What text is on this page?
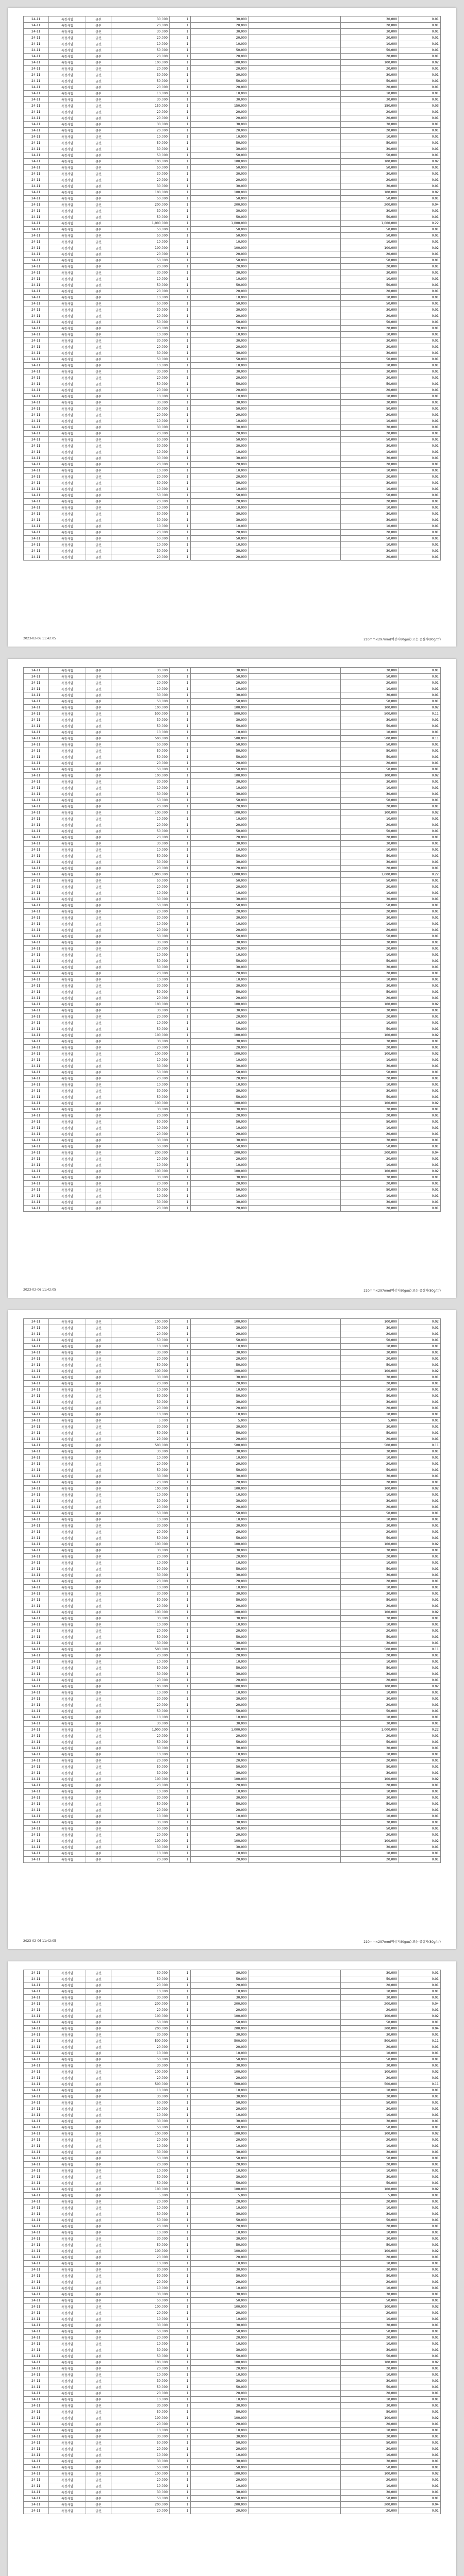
24-11	특정사업	금전	30,000	1	30,000		30,000	0.01
24-11	특정사업	금전	20,000	1	20,000		20,000	0.01
24-11	특정사업	금전	30,000	1	30,000		30,000	0.01
24-11	특정사업	금전	20,000	1	20,000		20,000	0.01
24-11	특정사업	금전	10,000	1	10,000		10,000	0.01
24-11	특정사업	금전	50,000	1	50,000		50,000	0.01
24-11	특정사업	금전	20,000	1	20,000		20,000	0.01
24-11	특정사업	금전	100,000	1	100,000		100,000	0.02
24-11	특정사업	금전	20,000	1	20,000		20,000	0.01
24-11	특정사업	금전	30,000	1	30,000		30,000	0.01
24-11	특정사업	금전	50,000	1	50,000		50,000	0.01
24-11	특정사업	금전	20,000	1	20,000		20,000	0.01
24-11	특정사업	금전	10,000	1	10,000		10,000	0.01
24-11	특정사업	금전	30,000	1	30,000		30,000	0.01
24-11	특정사업	금전	150,000	1	150,000		150,000	0.03
24-11	특정사업	금전	20,000	1	20,000		20,000	0.01
24-11	특정사업	금전	20,000	1	20,000		20,000	0.01
24-11	특정사업	금전	30,000	1	30,000		30,000	0.01
24-11	특정사업	금전	20,000	1	20,000		20,000	0.01
24-11	특정사업	금전	10,000	1	10,000		10,000	0.01
24-11	특정사업	금전	50,000	1	50,000		50,000	0.01
24-11	특정사업	금전	30,000	1	30,000		30,000	0.01
24-11	특정사업	금전	50,000	1	50,000		50,000	0.01
24-11	특정사업	금전	100,000	1	100,000		100,000	0.02
24-11	특정사업	금전	50,000	1	50,000		50,000	0.01
24-11	특정사업	금전	30,000	1	30,000		30,000	0.01
24-11	특정사업	금전	20,000	1	20,000		20,000	0.01
24-11	특정사업	금전	30,000	1	30,000		30,000	0.01
24-11	특정사업	금전	100,000	1	100,000		100,000	0.02
24-11	특정사업	금전	50,000	1	50,000		50,000	0.01
24-11	특정사업	금전	200,000	1	200,000		200,000	0.04
24-11	특정사업	금전	30,000	1	30,000		30,000	0.01
24-11	특정사업	금전	50,000	1	50,000		50,000	0.01
24-11	특정사업	금전	1,000,000	1	1,000,000		1,000,000	0.22
24-11	특정사업	금전	50,000	1	50,000		50,000	0.01
24-11	특정사업	금전	50,000	1	50,000		50,000	0.01
24-11	특정사업	금전	10,000	1	10,000		10,000	0.01
24-11	특정사업	금전	100,000	1	100,000		100,000	0.02
24-11	특정사업	금전	20,000	1	20,000		20,000	0.01
24-11	특정사업	금전	50,000	1	50,000		50,000	0.01
24-11	특정사업	금전	20,000	1	20,000		20,000	0.01
24-11	특정사업	금전	30,000	1	30,000		30,000	0.01
24-11	특정사업	금전	10,000	1	10,000		10,000	0.01
24-11	특정사업	금전	50,000	1	50,000		50,000	0.01
24-11	특정사업	금전	20,000	1	20,000		20,000	0.01
24-11	특정사업	금전	10,000	1	10,000		10,000	0.01
24-11	특정사업	금전	50,000	1	50,000		50,000	0.01
24-11	특정사업	금전	30,000	1	30,000		30,000	0.01
24-11	특정사업	금전	20,000	1	20,000		20,000	0.01
24-11	특정사업	금전	50,000	1	50,000		50,000	0.01
24-11	특정사업	금전	20,000	1	20,000		20,000	0.01
24-11	특정사업	금전	10,000	1	10,000		10,000	0.01
24-11	특정사업	금전	30,000	1	30,000		30,000	0.01
24-11	특정사업	금전	20,000	1	20,000		20,000	0.01
24-11	특정사업	금전	30,000	1	30,000		30,000	0.01
24-11	특정사업	금전	50,000	1	50,000		50,000	0.01
24-11	특정사업	금전	10,000	1	10,000		10,000	0.01
24-11	특정사업	금전	30,000	1	30,000		30,000	0.01
24-11	특정사업	금전	20,000	1	20,000		20,000	0.01
24-11	특정사업	금전	50,000	1	50,000		50,000	0.01
24-11	특정사업	금전	20,000	1	20,000		20,000	0.01
24-11	특정사업	금전	10,000	1	10,000		10,000	0.01
24-11	특정사업	금전	30,000	1	30,000		30,000	0.01
24-11	특정사업	금전	50,000	1	50,000		50,000	0.01
24-11	특정사업	금전	20,000	1	20,000		20,000	0.01
24-11	특정사업	금전	10,000	1	10,000		10,000	0.01
24-11	특정사업	금전	30,000	1	30,000		30,000	0.01
24-11	특정사업	금전	20,000	1	20,000		20,000	0.01
24-11	특정사업	금전	50,000	1	50,000		50,000	0.01
24-11	특정사업	금전	30,000	1	30,000		30,000	0.01
24-11	특정사업	금전	10,000	1	10,000		10,000	0.01
24-11	특정사업	금전	30,000	1	30,000		30,000	0.01
24-11	특정사업	금전	20,000	1	20,000		20,000	0.01
24-11	특정사업	금전	10,000	1	10,000		10,000	0.01
24-11	특정사업	금전	20,000	1	20,000		20,000	0.01
24-11	특정사업	금전	30,000	1	30,000		30,000	0.01
24-11	특정사업	금전	10,000	1	10,000		10,000	0.01
24-11	특정사업	금전	50,000	1	50,000		50,000	0.01
24-11	특정사업	금전	20,000	1	20,000		20,000	0.01
24-11	특정사업	금전	10,000	1	10,000		10,000	0.01
24-11	특정사업	금전	30,000	1	30,000		30,000	0.01
24-11	특정사업	금전	30,000	1	30,000		30,000	0.01
24-11	특정사업	금전	10,000	1	10,000		10,000	0.01
24-11	특정사업	금전	20,000	1	20,000		20,000	0.01
24-11	특정사업	금전	50,000	1	50,000		50,000	0.01
24-11	특정사업	금전	10,000	1	10,000		10,000	0.01
24-11	특정사업	금전	30,000	1	30,000		30,000	0.01
24-11	특정사업	금전	20,000	1	20,000		20,000	0.01
2023-02-06 11:42:05	210mm×297mm(백상지80g/㎡) 또는 중질지(80g/㎡)
24-11	특정사업	금전	30,000	1	30,000		30,000	0.01
24-11	특정사업	금전	50,000	1	50,000		50,000	0.01
24-11	특정사업	금전	20,000	1	20,000		20,000	0.01
24-11	특정사업	금전	10,000	1	10,000		10,000	0.01
24-11	특정사업	금전	30,000	1	30,000		30,000	0.01
24-11	특정사업	금전	50,000	1	50,000		50,000	0.01
24-11	특정사업	금전	100,000	1	100,000		100,000	0.02
24-11	특정사업	금전	500,000	1	500,000		500,000	0.11
24-11	특정사업	금전	30,000	1	30,000		30,000	0.01
24-11	특정사업	금전	50,000	1	50,000		50,000	0.01
24-11	특정사업	금전	10,000	1	10,000		10,000	0.01
24-11	특정사업	금전	500,000	1	500,000		500,000	0.11
24-11	특정사업	금전	50,000	1	50,000		50,000	0.01
24-11	특정사업	금전	50,000	1	50,000		50,000	0.01
24-11	특정사업	금전	50,000	1	50,000		50,000	0.01
24-11	특정사업	금전	20,000	1	20,000		20,000	0.01
24-11	특정사업	금전	50,000	1	50,000		50,000	0.01
24-11	특정사업	금전	100,000	1	100,000		100,000	0.02
24-11	특정사업	금전	30,000	1	30,000		30,000	0.01
24-11	특정사업	금전	10,000	1	10,000		10,000	0.01
24-11	특정사업	금전	30,000	1	30,000		30,000	0.01
24-11	특정사업	금전	50,000	1	50,000		50,000	0.01
24-11	특정사업	금전	20,000	1	20,000		20,000	0.01
24-11	특정사업	금전	100,000	1	100,000		100,000	0.02
24-11	특정사업	금전	10,000	1	10,000		10,000	0.01
24-11	특정사업	금전	20,000	1	20,000		20,000	0.01
24-11	특정사업	금전	50,000	1	50,000		50,000	0.01
24-11	특정사업	금전	20,000	1	20,000		20,000	0.01
24-11	특정사업	금전	30,000	1	30,000		30,000	0.01
24-11	특정사업	금전	10,000	1	10,000		10,000	0.01
24-11	특정사업	금전	50,000	1	50,000		50,000	0.01
24-11	특정사업	금전	30,000	1	30,000		30,000	0.01
24-11	특정사업	금전	20,000	1	20,000		20,000	0.01
24-11	특정사업	금전	1,000,000	1	1,000,000		1,000,000	0.22
24-11	특정사업	금전	50,000	1	50,000		50,000	0.01
24-11	특정사업	금전	20,000	1	20,000		20,000	0.01
24-11	특정사업	금전	10,000	1	10,000		10,000	0.01
24-11	특정사업	금전	30,000	1	30,000		30,000	0.01
24-11	특정사업	금전	50,000	1	50,000		50,000	0.01
24-11	특정사업	금전	20,000	1	20,000		20,000	0.01
24-11	특정사업	금전	30,000	1	30,000		30,000	0.01
24-11	특정사업	금전	10,000	1	10,000		10,000	0.01
24-11	특정사업	금전	20,000	1	20,000		20,000	0.01
24-11	특정사업	금전	50,000	1	50,000		50,000	0.01
24-11	특정사업	금전	30,000	1	30,000		30,000	0.01
24-11	특정사업	금전	20,000	1	20,000		20,000	0.01
24-11	특정사업	금전	10,000	1	10,000		10,000	0.01
24-11	특정사업	금전	50,000	1	50,000		50,000	0.01
24-11	특정사업	금전	30,000	1	30,000		30,000	0.01
24-11	특정사업	금전	20,000	1	20,000		20,000	0.01
24-11	특정사업	금전	10,000	1	10,000		10,000	0.01
24-11	특정사업	금전	30,000	1	30,000		30,000	0.01
24-11	특정사업	금전	50,000	1	50,000		50,000	0.01
24-11	특정사업	금전	20,000	1	20,000		20,000	0.01
24-11	특정사업	금전	100,000	1	100,000		100,000	0.02
24-11	특정사업	금전	30,000	1	30,000		30,000	0.01
24-11	특정사업	금전	20,000	1	20,000		20,000	0.01
24-11	특정사업	금전	10,000	1	10,000		10,000	0.01
24-11	특정사업	금전	50,000	1	50,000		50,000	0.01
24-11	특정사업	금전	100,000	1	100,000		100,000	0.02
24-11	특정사업	금전	30,000	1	30,000		30,000	0.01
24-11	특정사업	금전	20,000	1	20,000		20,000	0.01
24-11	특정사업	금전	100,000	1	100,000		100,000	0.02
24-11	특정사업	금전	10,000	1	10,000		10,000	0.01
24-11	특정사업	금전	30,000	1	30,000		30,000	0.01
24-11	특정사업	금전	50,000	1	50,000		50,000	0.01
24-11	특정사업	금전	20,000	1	20,000		20,000	0.01
24-11	특정사업	금전	10,000	1	10,000		10,000	0.01
24-11	특정사업	금전	30,000	1	30,000		30,000	0.01
24-11	특정사업	금전	50,000	1	50,000		50,000	0.01
24-11	특정사업	금전	100,000	1	100,000		100,000	0.02
24-11	특정사업	금전	30,000	1	30,000		30,000	0.01
24-11	특정사업	금전	20,000	1	20,000		20,000	0.01
24-11	특정사업	금전	50,000	1	50,000		50,000	0.01
24-11	특정사업	금전	10,000	1	10,000		10,000	0.01
24-11	특정사업	금전	20,000	1	20,000		20,000	0.01
24-11	특정사업	금전	30,000	1	30,000		30,000	0.01
24-11	특정사업	금전	50,000	1	50,000		50,000	0.01
24-11	특정사업	금전	200,000	1	200,000		200,000	0.04
24-11	특정사업	금전	20,000	1	20,000		20,000	0.01
24-11	특정사업	금전	10,000	1	10,000		10,000	0.01
24-11	특정사업	금전	100,000	1	100,000		100,000	0.02
24-11	특정사업	금전	30,000	1	30,000		30,000	0.01
24-11	특정사업	금전	20,000	1	20,000		20,000	0.01
24-11	특정사업	금전	50,000	1	50,000		50,000	0.01
24-11	특정사업	금전	10,000	1	10,000		10,000	0.01
24-11	특정사업	금전	30,000	1	30,000		30,000	0.01
24-11	특정사업	금전	20,000	1	20,000		20,000	0.01
2023-02-06 11:42:05	210mm×297mm(백상지80g/㎡) 또는 중질지(80g/㎡)
24-11	특정사업	금전	100,000	1	100,000		100,000	0.02
24-11	특정사업	금전	30,000	1	30,000		30,000	0.01
24-11	특정사업	금전	20,000	1	20,000		20,000	0.01
24-11	특정사업	금전	50,000	1	50,000		50,000	0.01
24-11	특정사업	금전	10,000	1	10,000		10,000	0.01
24-11	특정사업	금전	30,000	1	30,000		30,000	0.01
24-11	특정사업	금전	20,000	1	20,000		20,000	0.01
24-11	특정사업	금전	50,000	1	50,000		50,000	0.01
24-11	특정사업	금전	100,000	1	100,000		100,000	0.02
24-11	특정사업	금전	30,000	1	30,000		30,000	0.01
24-11	특정사업	금전	20,000	1	20,000		20,000	0.01
24-11	특정사업	금전	10,000	1	10,000		10,000	0.01
24-11	특정사업	금전	50,000	1	50,000		50,000	0.01
24-11	특정사업	금전	30,000	1	30,000		30,000	0.01
24-11	특정사업	금전	20,000	1	20,000		20,000	0.01
24-11	특정사업	금전	10,000	1	10,000		10,000	0.01
24-11	특정사업	금전	5,000	1	5,000		5,000	0.01
24-11	특정사업	금전	30,000	1	30,000		30,000	0.01
24-11	특정사업	금전	50,000	1	50,000		50,000	0.01
24-11	특정사업	금전	20,000	1	20,000		20,000	0.01
24-11	특정사업	금전	500,000	1	500,000		500,000	0.11
24-11	특정사업	금전	30,000	1	30,000		30,000	0.01
24-11	특정사업	금전	10,000	1	10,000		10,000	0.01
24-11	특정사업	금전	20,000	1	20,000		20,000	0.01
24-11	특정사업	금전	50,000	1	50,000		50,000	0.01
24-11	특정사업	금전	30,000	1	30,000		30,000	0.01
24-11	특정사업	금전	20,000	1	20,000		20,000	0.01
24-11	특정사업	금전	100,000	1	100,000		100,000	0.02
24-11	특정사업	금전	10,000	1	10,000		10,000	0.01
24-11	특정사업	금전	30,000	1	30,000		30,000	0.01
24-11	특정사업	금전	20,000	1	20,000		20,000	0.01
24-11	특정사업	금전	50,000	1	50,000		50,000	0.01
24-11	특정사업	금전	10,000	1	10,000		10,000	0.01
24-11	특정사업	금전	30,000	1	30,000		30,000	0.01
24-11	특정사업	금전	20,000	1	20,000		20,000	0.01
24-11	특정사업	금전	50,000	1	50,000		50,000	0.01
24-11	특정사업	금전	100,000	1	100,000		100,000	0.02
24-11	특정사업	금전	30,000	1	30,000		30,000	0.01
24-11	특정사업	금전	20,000	1	20,000		20,000	0.01
24-11	특정사업	금전	10,000	1	10,000		10,000	0.01
24-11	특정사업	금전	50,000	1	50,000		50,000	0.01
24-11	특정사업	금전	30,000	1	30,000		30,000	0.01
24-11	특정사업	금전	20,000	1	20,000		20,000	0.01
24-11	특정사업	금전	10,000	1	10,000		10,000	0.01
24-11	특정사업	금전	30,000	1	30,000		30,000	0.01
24-11	특정사업	금전	50,000	1	50,000		50,000	0.01
24-11	특정사업	금전	20,000	1	20,000		20,000	0.01
24-11	특정사업	금전	100,000	1	100,000		100,000	0.02
24-11	특정사업	금전	30,000	1	30,000		30,000	0.01
24-11	특정사업	금전	10,000	1	10,000		10,000	0.01
24-11	특정사업	금전	20,000	1	20,000		20,000	0.01
24-11	특정사업	금전	50,000	1	50,000		50,000	0.01
24-11	특정사업	금전	30,000	1	30,000		30,000	0.01
24-11	특정사업	금전	500,000	1	500,000		500,000	0.11
24-11	특정사업	금전	20,000	1	20,000		20,000	0.01
24-11	특정사업	금전	10,000	1	10,000		10,000	0.01
24-11	특정사업	금전	50,000	1	50,000		50,000	0.01
24-11	특정사업	금전	30,000	1	30,000		30,000	0.01
24-11	특정사업	금전	20,000	1	20,000		20,000	0.01
24-11	특정사업	금전	100,000	1	100,000		100,000	0.02
24-11	특정사업	금전	10,000	1	10,000		10,000	0.01
24-11	특정사업	금전	30,000	1	30,000		30,000	0.01
24-11	특정사업	금전	20,000	1	20,000		20,000	0.01
24-11	특정사업	금전	50,000	1	50,000		50,000	0.01
24-11	특정사업	금전	10,000	1	10,000		10,000	0.01
24-11	특정사업	금전	30,000	1	30,000		30,000	0.01
24-11	특정사업	금전	1,000,000	1	1,000,000		1,000,000	0.22
24-11	특정사업	금전	20,000	1	20,000		20,000	0.01
24-11	특정사업	금전	50,000	1	50,000		50,000	0.01
24-11	특정사업	금전	30,000	1	30,000		30,000	0.01
24-11	특정사업	금전	10,000	1	10,000		10,000	0.01
24-11	특정사업	금전	20,000	1	20,000		20,000	0.01
24-11	특정사업	금전	50,000	1	50,000		50,000	0.01
24-11	특정사업	금전	30,000	1	30,000		30,000	0.01
24-11	특정사업	금전	100,000	1	100,000		100,000	0.02
24-11	특정사업	금전	20,000	1	20,000		20,000	0.01
24-11	특정사업	금전	10,000	1	10,000		10,000	0.01
24-11	특정사업	금전	30,000	1	30,000		30,000	0.01
24-11	특정사업	금전	50,000	1	50,000		50,000	0.01
24-11	특정사업	금전	20,000	1	20,000		20,000	0.01
24-11	특정사업	금전	10,000	1	10,000		10,000	0.01
24-11	특정사업	금전	30,000	1	30,000		30,000	0.01
24-11	특정사업	금전	50,000	1	50,000		50,000	0.01
24-11	특정사업	금전	20,000	1	20,000		20,000	0.01
24-11	특정사업	금전	100,000	1	100,000		100,000	0.02
24-11	특정사업	금전	30,000	1	30,000		30,000	0.01
24-11	특정사업	금전	10,000	1	10,000		10,000	0.01
24-11	특정사업	금전	20,000	1	20,000		20,000	0.01
2023-02-06 11:42:05	210mm×297mm(백상지80g/㎡) 또는 중질지(80g/㎡)
24-11	특정사업	금전	30,000	1	30,000		30,000	0.01
24-11	특정사업	금전	50,000	1	50,000		50,000	0.01
24-11	특정사업	금전	20,000	1	20,000		20,000	0.01
24-11	특정사업	금전	10,000	1	10,000		10,000	0.01
24-11	특정사업	금전	30,000	1	30,000		30,000	0.01
24-11	특정사업	금전	200,000	1	200,000		200,000	0.04
24-11	특정사업	금전	20,000	1	20,000		20,000	0.01
24-11	특정사업	금전	100,000	1	100,000		100,000	0.02
24-11	특정사업	금전	50,000	1	50,000		50,000	0.01
24-11	특정사업	금전	200,000	1	200,000		200,000	0.04
24-11	특정사업	금전	30,000	1	30,000		30,000	0.01
24-11	특정사업	금전	500,000	1	500,000		500,000	0.11
24-11	특정사업	금전	20,000	1	20,000		20,000	0.01
24-11	특정사업	금전	10,000	1	10,000		10,000	0.01
24-11	특정사업	금전	50,000	1	50,000		50,000	0.01
24-11	특정사업	금전	30,000	1	30,000		30,000	0.01
24-11	특정사업	금전	100,000	1	100,000		100,000	0.02
24-11	특정사업	금전	20,000	1	20,000		20,000	0.01
24-11	특정사업	금전	500,000	1	500,000		500,000	0.11
24-11	특정사업	금전	10,000	1	10,000		10,000	0.01
24-11	특정사업	금전	30,000	1	30,000		30,000	0.01
24-11	특정사업	금전	50,000	1	50,000		50,000	0.01
24-11	특정사업	금전	20,000	1	20,000		20,000	0.01
24-11	특정사업	금전	10,000	1	10,000		10,000	0.01
24-11	특정사업	금전	30,000	1	30,000		30,000	0.01
24-11	특정사업	금전	50,000	1	50,000		50,000	0.01
24-11	특정사업	금전	100,000	1	100,000		100,000	0.02
24-11	특정사업	금전	20,000	1	20,000		20,000	0.01
24-11	특정사업	금전	10,000	1	10,000		10,000	0.01
24-11	특정사업	금전	30,000	1	30,000		30,000	0.01
24-11	특정사업	금전	50,000	1	50,000		50,000	0.01
24-11	특정사업	금전	20,000	1	20,000		20,000	0.01
24-11	특정사업	금전	10,000	1	10,000		10,000	0.01
24-11	특정사업	금전	30,000	1	30,000		30,000	0.01
24-11	특정사업	금전	50,000	1	50,000		50,000	0.01
24-11	특정사업	금전	100,000	1	100,000		100,000	0.02
24-11	특정사업	금전	5,000	1	5,000		5,000	0.01
24-11	특정사업	금전	20,000	1	20,000		20,000	0.01
24-11	특정사업	금전	10,000	1	10,000		10,000	0.01
24-11	특정사업	금전	30,000	1	30,000		30,000	0.01
24-11	특정사업	금전	50,000	1	50,000		50,000	0.01
24-11	특정사업	금전	20,000	1	20,000		20,000	0.01
24-11	특정사업	금전	10,000	1	10,000		10,000	0.01
24-11	특정사업	금전	30,000	1	30,000		30,000	0.01
24-11	특정사업	금전	50,000	1	50,000		50,000	0.01
24-11	특정사업	금전	100,000	1	100,000		100,000	0.02
24-11	특정사업	금전	20,000	1	20,000		20,000	0.01
24-11	특정사업	금전	10,000	1	10,000		10,000	0.01
24-11	특정사업	금전	30,000	1	30,000		30,000	0.01
24-11	특정사업	금전	50,000	1	50,000		50,000	0.01
24-11	특정사업	금전	20,000	1	20,000		20,000	0.01
24-11	특정사업	금전	10,000	1	10,000		10,000	0.01
24-11	특정사업	금전	30,000	1	30,000		30,000	0.01
24-11	특정사업	금전	50,000	1	50,000		50,000	0.01
24-11	특정사업	금전	100,000	1	100,000		100,000	0.02
24-11	특정사업	금전	20,000	1	20,000		20,000	0.01
24-11	특정사업	금전	10,000	1	10,000		10,000	0.01
24-11	특정사업	금전	30,000	1	30,000		30,000	0.01
24-11	특정사업	금전	50,000	1	50,000		50,000	0.01
24-11	특정사업	금전	20,000	1	20,000		20,000	0.01
24-11	특정사업	금전	10,000	1	10,000		10,000	0.01
24-11	특정사업	금전	30,000	1	30,000		30,000	0.01
24-11	특정사업	금전	50,000	1	50,000		50,000	0.01
24-11	특정사업	금전	100,000	1	100,000		100,000	0.02
24-11	특정사업	금전	20,000	1	20,000		20,000	0.01
24-11	특정사업	금전	10,000	1	10,000		10,000	0.01
24-11	특정사업	금전	30,000	1	30,000		30,000	0.01
24-11	특정사업	금전	50,000	1	50,000		50,000	0.01
24-11	특정사업	금전	20,000	1	20,000		20,000	0.01
24-11	특정사업	금전	10,000	1	10,000		10,000	0.01
24-11	특정사업	금전	30,000	1	30,000		30,000	0.01
24-11	특정사업	금전	50,000	1	50,000		50,000	0.01
24-11	특정사업	금전	100,000	1	100,000		100,000	0.02
24-11	특정사업	금전	20,000	1	20,000		20,000	0.01
24-11	특정사업	금전	10,000	1	10,000		10,000	0.01
24-11	특정사업	금전	30,000	1	30,000		30,000	0.01
24-11	특정사업	금전	50,000	1	50,000		50,000	0.01
24-11	특정사업	금전	20,000	1	20,000		20,000	0.01
24-11	특정사업	금전	10,000	1	10,000		10,000	0.01
24-11	특정사업	금전	30,000	1	30,000		30,000	0.01
24-11	특정사업	금전	50,000	1	50,000		50,000	0.01
24-11	특정사업	금전	100,000	1	100,000		100,000	0.02
24-11	특정사업	금전	20,000	1	20,000		20,000	0.01
24-11	특정사업	금전	10,000	1	10,000		10,000	0.01
24-11	특정사업	금전	30,000	1	30,000		30,000	0.01
24-11	특정사업	금전	50,000	1	50,000		50,000	0.01
24-11	특정사업	금전	200,000	1	200,000		200,000	0.04
24-11	특정사업	금전	20,000	1	20,000		20,000	0.01
